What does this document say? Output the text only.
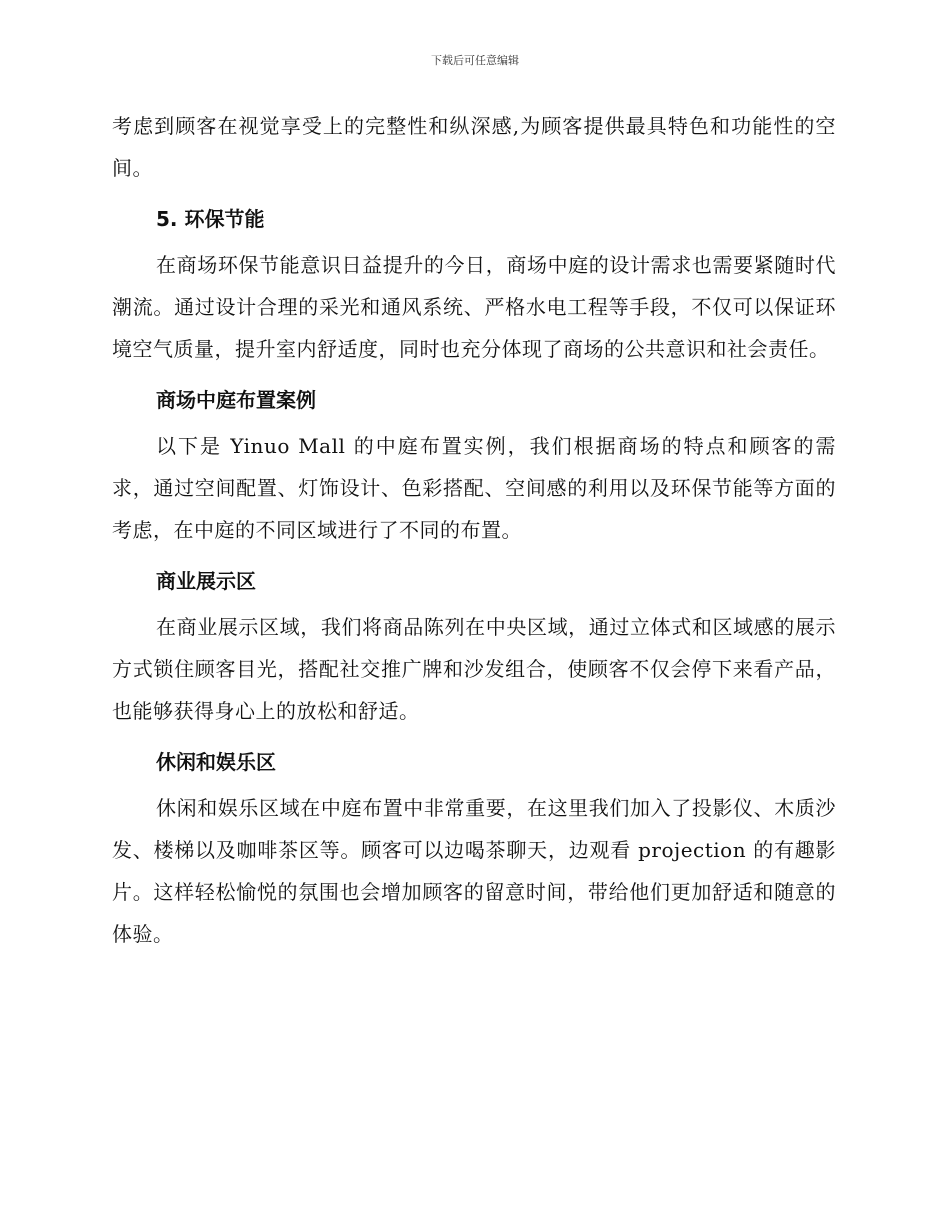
下载后可任意编辑

考虑到顾客在视觉享受上的完整性和纵深感,为顾客提供最具特色和功能性的空间。

5. 环保节能

在商场环保节能意识日益提升的今日，商场中庭的设计需求也需要紧随时代潮流。通过设计合理的采光和通风系统、严格水电工程等手段，不仅可以保证环境空气质量，提升室内舒适度，同时也充分体现了商场的公共意识和社会责任。

商场中庭布置案例

以下是 Yinuo Mall 的中庭布置实例，我们根据商场的特点和顾客的需求，通过空间配置、灯饰设计、色彩搭配、空间感的利用以及环保节能等方面的考虑，在中庭的不同区域进行了不同的布置。

商业展示区

在商业展示区域，我们将商品陈列在中央区域，通过立体式和区域感的展示方式锁住顾客目光，搭配社交推广牌和沙发组合，使顾客不仅会停下来看产品，也能够获得身心上的放松和舒适。

休闲和娱乐区

休闲和娱乐区域在中庭布置中非常重要，在这里我们加入了投影仪、木质沙发、楼梯以及咖啡茶区等。顾客可以边喝茶聊天，边观看 projection 的有趣影片。这样轻松愉悦的氛围也会增加顾客的留意时间，带给他们更加舒适和随意的体验。
